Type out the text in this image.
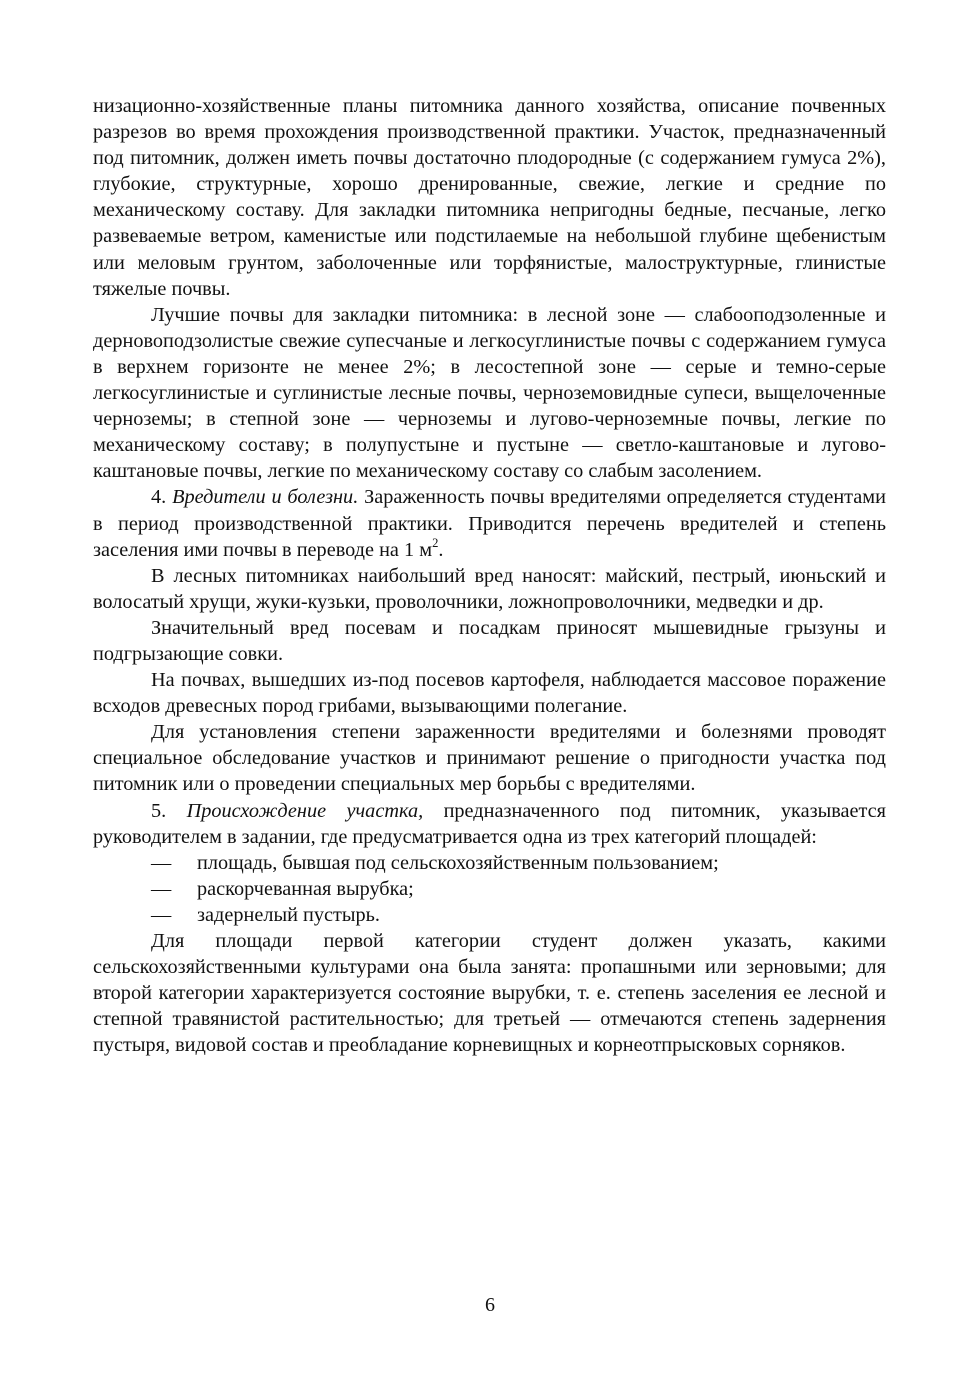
низационно-хозяйственные планы питомника данного хозяйства, описание почвенных разрезов во время прохождения производственной практики. Участок, предназначенный под питомник, должен иметь почвы достаточно плодородные (с содержанием гумуса 2%), глубокие, структурные, хорошо дренированные, свежие, легкие и средние по механическому составу. Для закладки питомника непригодны бедные, песчаные, легко развеваемые ветром, каменистые или подстилаемые на небольшой глубине щебенистым или меловым грунтом, заболоченные или торфянистые, малоструктурные, глинистые тяжелые почвы.

Лучшие почвы для закладки питомника: в лесной зоне — слабооподзоленные и дерновоподзолистые свежие супесчаные и легкосуглинистые почвы с содержанием гумуса в верхнем горизонте не менее 2%; в лесостепной зоне — серые и темно-серые легкосуглинистые и суглинистые лесные почвы, черноземовидные супеси, выщелоченные черноземы; в степной зоне — черноземы и лугово-черноземные почвы, легкие по механическому составу; в полупустыне и пустыне — светло-каштановые и лугово-каштановые почвы, легкие по механическому составу со слабым засолением.

4. Вредители и болезни. Зараженность почвы вредителями определяется студентами в период производственной практики. Приводится перечень вредителей и степень заселения ими почвы в переводе на 1 $м^2$.

В лесных питомниках наибольший вред наносят: майский, пестрый, июньский и волосатый хрущи, жуки-кузьки, проволочники, ложнопроволочники, медведки и др.

Значительный вред посевам и посадкам приносят мышевидные грызуны и подгрызающие совки.

На почвах, вышедших из-под посевов картофеля, наблюдается массовое поражение всходов древесных пород грибами, вызывающими полегание.

Для установления степени зараженности вредителями и болезнями проводят специальное обследование участков и принимают решение о пригодности участка под питомник или о проведении специальных мер борьбы с вредителями.

5. Происхождение участка, предназначенного под питомник, указывается руководителем в задании, где предусматривается одна из трех категорий площадей:

—	площадь, бывшая под сельскохозяйственным пользованием;
—	раскорчеванная вырубка;
—	задернелый пустырь.

Для площади первой категории студент должен указать, какими сельскохозяйственными культурами она была занята: пропашными или зерновыми; для второй категории характеризуется состояние вырубки, т. е. степень заселения ее лесной и степной травянистой растительностью; для третьей — отмечаются степень задернения пустыря, видовой состав и преобладание корневищных и корнеотпрысковых сорняков.

6
